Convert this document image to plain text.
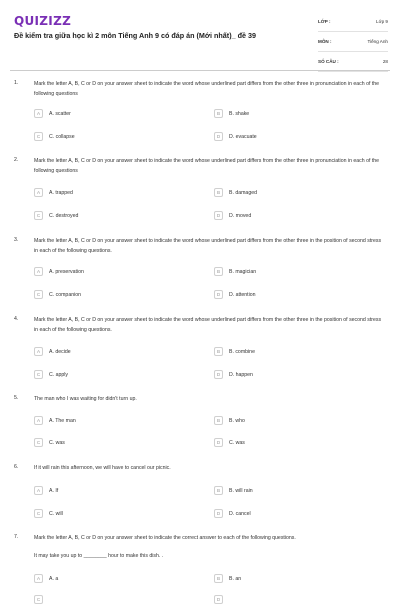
QUIZIZZ
Đề kiểm tra giữa học kì 2 môn Tiếng Anh 9 có đáp án (Mới nhất)_ đề 39
LỚP :	Lớp 9
MÔN :	Tiếng Anh
SỐ CÂU :	28
1.	Mark the letter A, B, C or D on your answer sheet to indicate the word whose underlined part differs from the other three in pronunciation in each of the following questions
A	A. scatter	B	B. shake
C	C. collapse	D	D. evacuate
2.	Mark the letter A, B, C or D on your answer sheet to indicate the word whose underlined part differs from the other three in pronunciation in each of the following questions
A	A. trapped	B	B. damaged
C	C. destroyed	D	D. moved
3.	Mark the letter A, B, C or D on your answer sheet to indicate the word whose underlined part differs from the other three in the position of second stress in each of the following questions.
A	A. preservation	B	B. magician
C	C. companion	D	D. attention
4.	Mark the letter A, B, C or D on your answer sheet to indicate the word whose underlined part differs from the other three in the position of second stress in each of the following questions.
A	A. decide	B	B. combine
C	C. apply	D	D. happen
5.	The man who I was waiting for didn't turn up.
A	A. The man	B	B. who
C	C. was	D	C. was
6.	If it will rain this afternoon, we will have to cancel our picnic.
A	A. If	B	B. will rain
C	C. will	D	D. cancel
7.	Mark the letter A, B, C or D on your answer sheet to indicate the correct answer to each of the following questions.
It may take you up to ________ hour to make this dish. .
A	A. a	B	B. an
C	D
